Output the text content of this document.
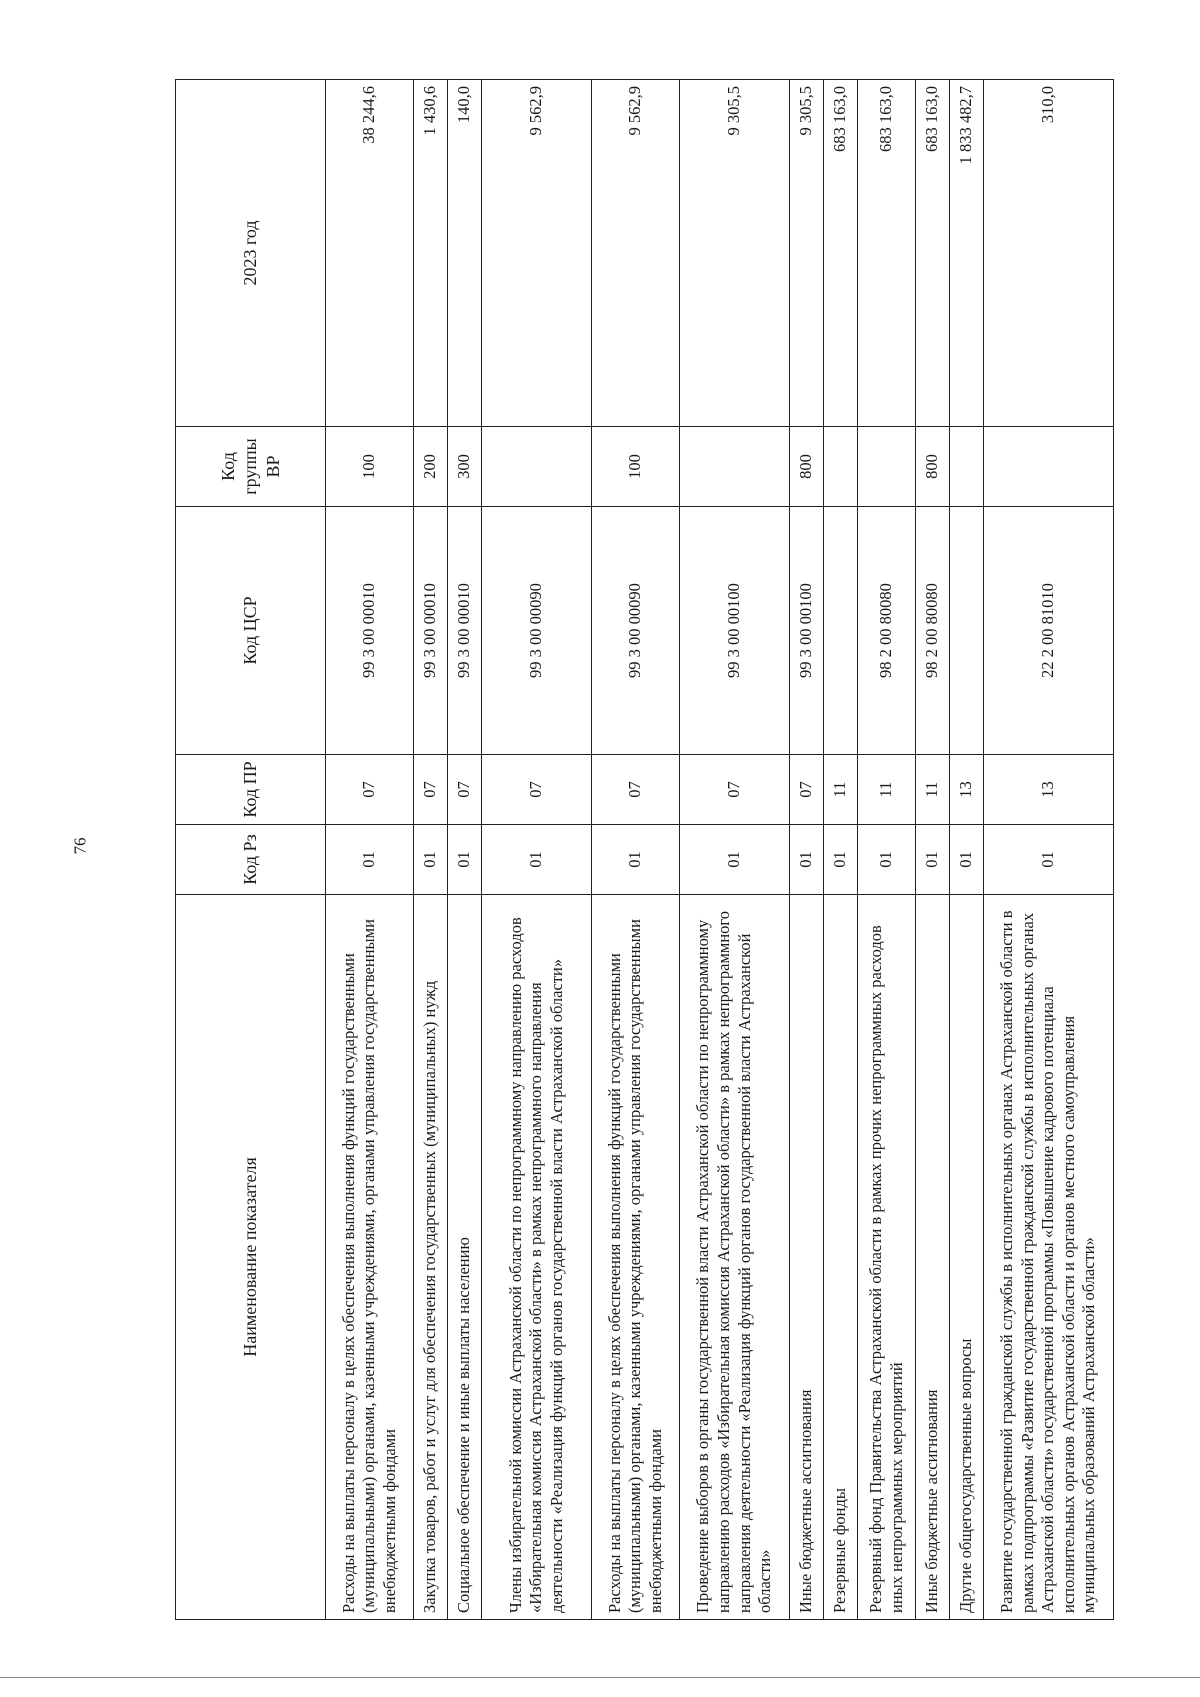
76
Наименование показателя	Код Рз	Код ПР	Код ЦСР	Код группы ВР	2023 год
Расходы на выплаты персоналу в целях обеспечения выполнения функций государственными (муниципальными) органами, казенными учреждениями, органами управления государственными внебюджетными фондами	01	07	99 3 00 00010	100	38 244,6
Закупка товаров, работ и услуг для обеспечения государственных (муниципальных) нужд	01	07	99 3 00 00010	200	1 430,6
Социальное обеспечение и иные выплаты населению	01	07	99 3 00 00010	300	140,0
Члены избирательной комиссии Астраханской области по непрограммному направлению расходов «Избирательная комиссия Астраханской области» в рамках непрограммного направления деятельности «Реализация функций органов государственной власти Астраханской области»	01	07	99 3 00 00090		9 562,9
Расходы на выплаты персоналу в целях обеспечения выполнения функций государственными (муниципальными) органами, казенными учреждениями, органами управления государственными внебюджетными фондами	01	07	99 3 00 00090	100	9 562,9
Проведение выборов в органы государственной власти Астраханской области по непрограммному направлению расходов «Избирательная комиссия Астраханской области» в рамках непрограммного направления деятельности «Реализация функций органов государственной власти Астраханской области»	01	07	99 3 00 00100		9 305,5
Иные бюджетные ассигнования	01	07	99 3 00 00100	800	9 305,5
Резервные фонды	01	11			683 163,0
Резервный фонд Правительства Астраханской области в рамках прочих непрограммных расходов иных непрограммных мероприятий	01	11	98 2 00 80080		683 163,0
Иные бюджетные ассигнования	01	11	98 2 00 80080	800	683 163,0
Другие общегосударственные вопросы	01	13			1 833 482,7
Развитие государственной гражданской службы в исполнительных органах Астраханской области в рамках подпрограммы «Развитие государственной гражданской службы в исполнительных органах Астраханской области» государственной программы «Повышение кадрового потенциала исполнительных органов Астраханской области и органов местного самоуправления муниципальных образований Астраханской области»	01	13	22 2 00 81010		310,0
